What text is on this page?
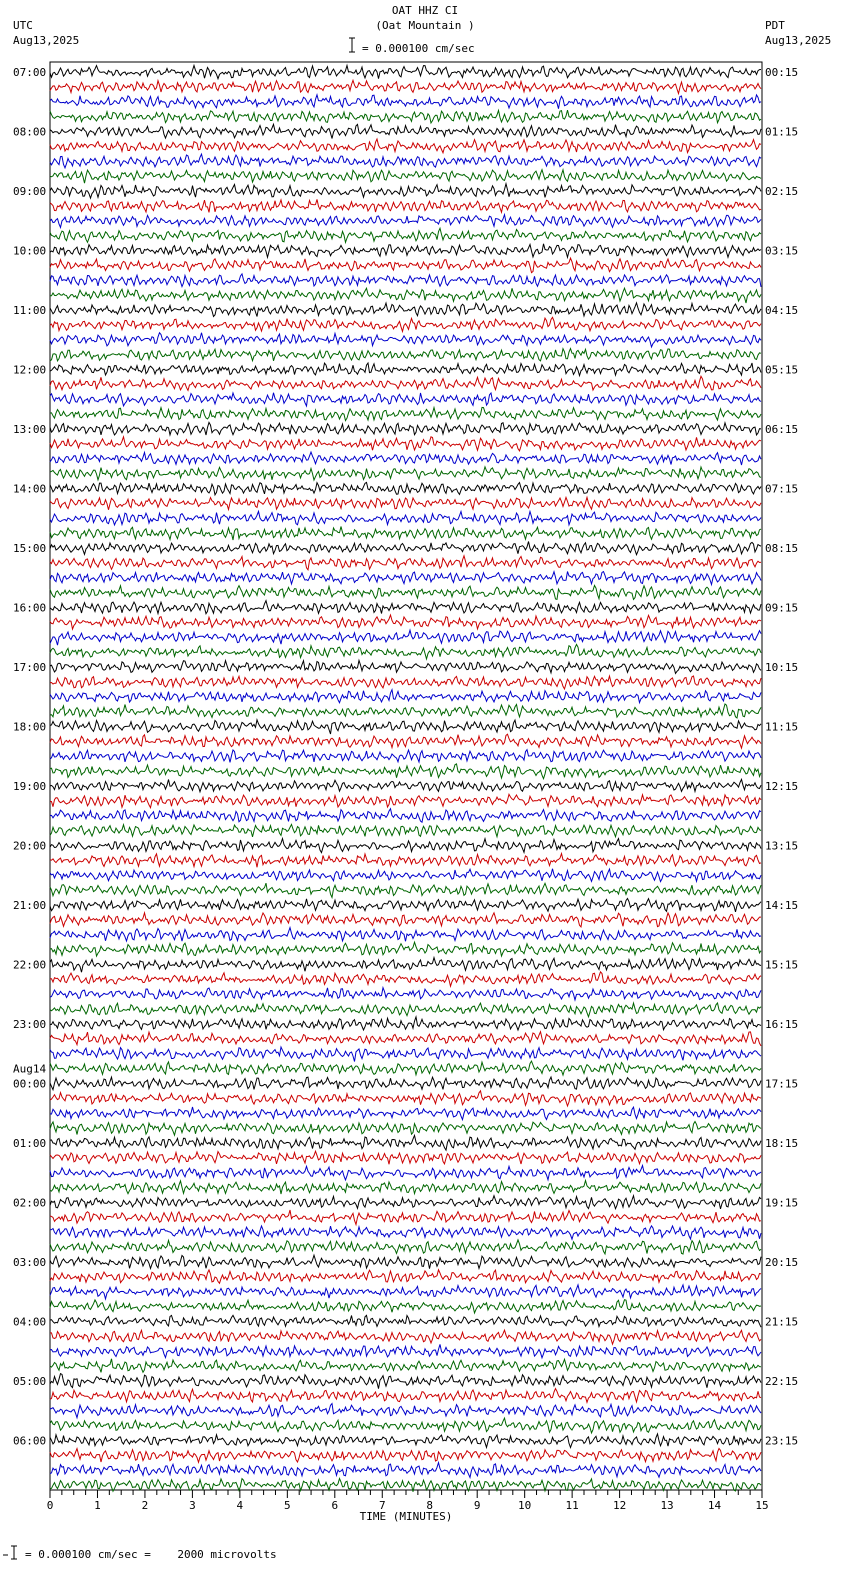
OAT HHZ CI
(Oat Mountain )
UTC
Aug13,2025
PDT
Aug13,2025
= 0.000100 cm/sec
= 0.000100 cm/sec =    2000 microvolts
07:00
08:00
09:00
10:00
11:00
12:00
13:00
14:00
15:00
16:00
17:00
18:00
19:00
20:00
21:00
22:00
23:00
00:00
01:00
02:00
03:00
04:00
05:00
06:00
Aug14
00:15
01:15
02:15
03:15
04:15
05:15
06:15
07:15
08:15
09:15
10:15
11:15
12:15
13:15
14:15
15:15
16:15
17:15
18:15
19:15
20:15
21:15
22:15
23:15
0	1	2	3	4	5	6	7	8	9	10	11	12	13	14	15
TIME (MINUTES)
